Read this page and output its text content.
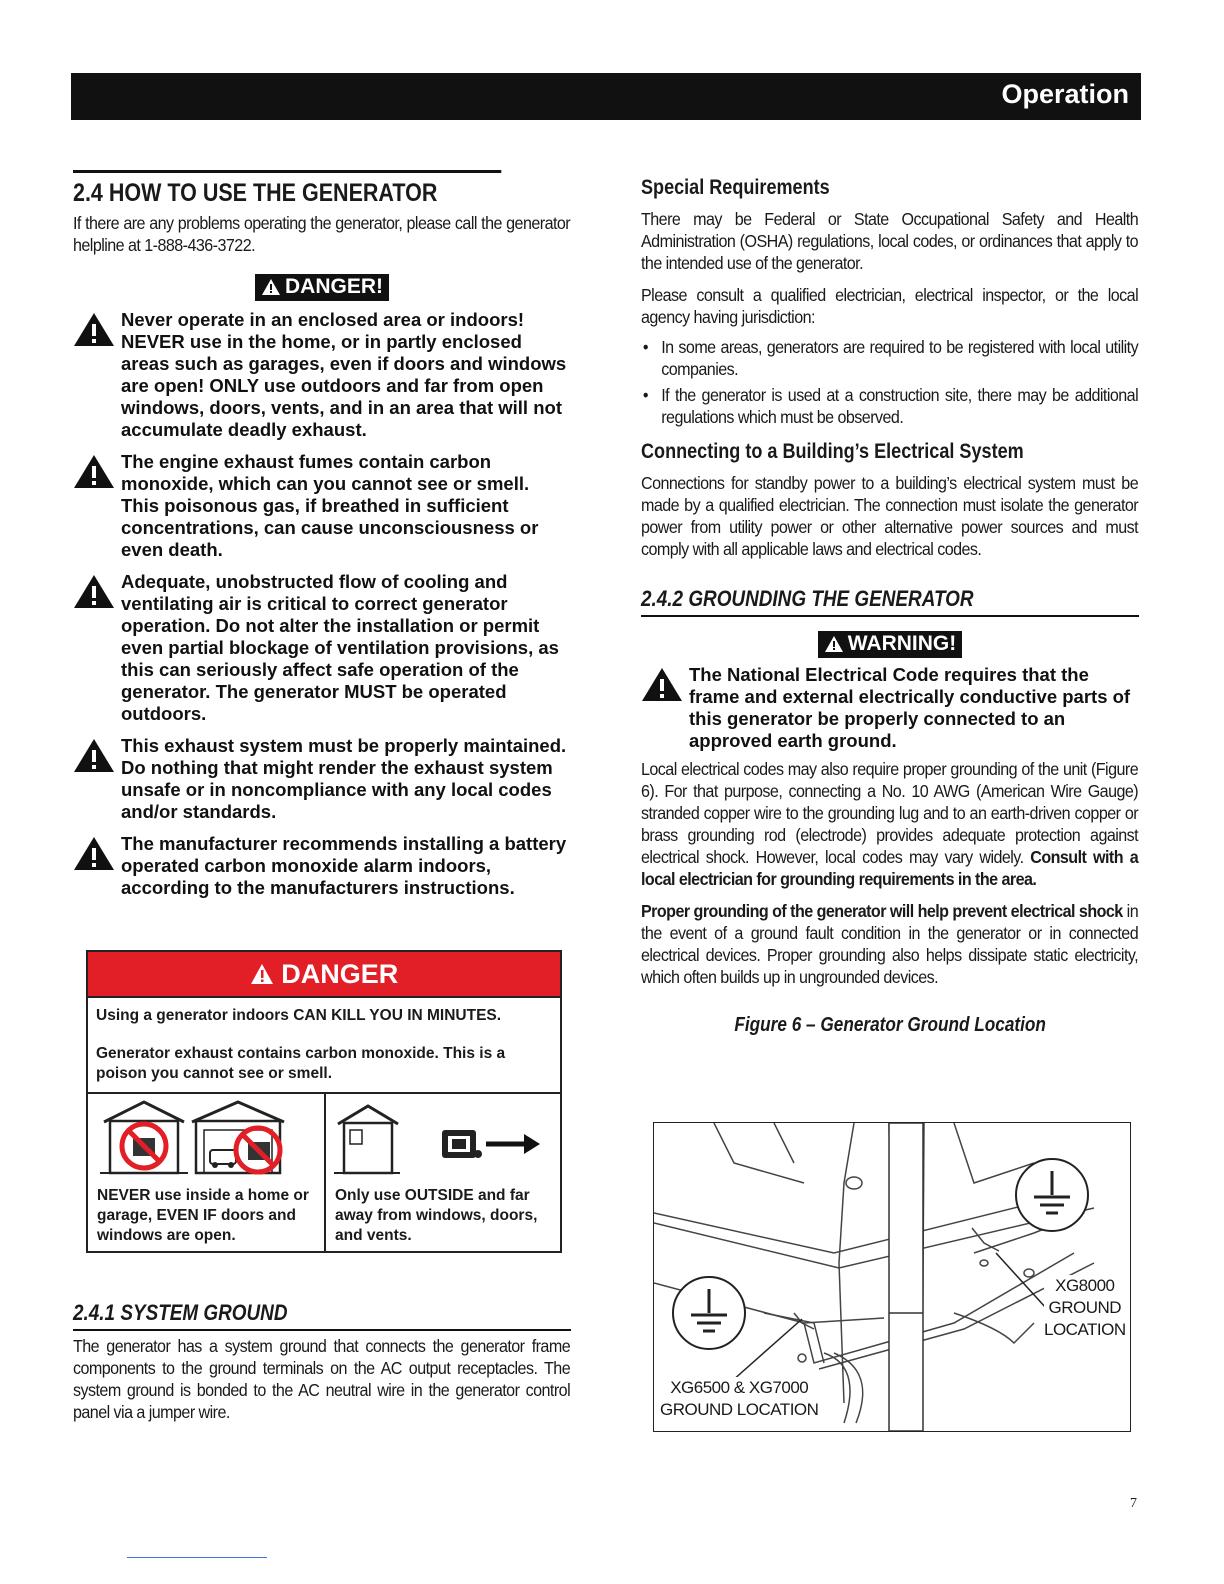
Operation
2.4 HOW TO USE THE GENERATOR

If there are any problems operating the generator, please call the generator helpline at 1-888-436-3722.

DANGER!
Never operate in an enclosed area or indoors! NEVER use in the home, or in partly enclosed areas such as garages, even if doors and windows are open! ONLY use outdoors and far from open windows, doors, vents, and in an area that will not accumulate deadly exhaust.
The engine exhaust fumes contain carbon monoxide, which can you cannot see or smell. This poisonous gas, if breathed in sufficient concentrations, can cause unconsciousness or even death.
Adequate, unobstructed flow of cooling and ventilating air is critical to correct generator operation. Do not alter the installation or permit even partial blockage of ventilation provisions, as this can seriously affect safe operation of the generator. The generator MUST be operated outdoors.
This exhaust system must be properly maintained. Do nothing that might render the exhaust system unsafe or in noncompliance with any local codes and/or standards.
The manufacturer recommends installing a battery operated carbon monoxide alarm indoors, according to the manufacturers instructions.
DANGER
Using a generator indoors CAN KILL YOU IN MINUTES.
Generator exhaust contains carbon monoxide. This is a poison you cannot see or smell.
NEVER use inside a home or garage, EVEN IF doors and windows are open.
Only use OUTSIDE and far away from windows, doors, and vents.
2.4.1 SYSTEM GROUND

The generator has a system ground that connects the generator frame components to the ground terminals on the AC output receptacles. The system ground is bonded to the AC neutral wire in the generator control panel via a jumper wire.

Special Requirements

There may be Federal or State Occupational Safety and Health Administration (OSHA) regulations, local codes, or ordinances that apply to the intended use of the generator.

Please consult a qualified electrician, electrical inspector, or the local agency having jurisdiction:

• In some areas, generators are required to be registered with local utility companies.
• If the generator is used at a construction site, there may be additional regulations which must be observed.
Connecting to a Building’s Electrical System

Connections for standby power to a building’s electrical system must be made by a qualified electrician. The connection must isolate the generator power from utility power or other alternative power sources and must comply with all applicable laws and electrical codes.

2.4.2 GROUNDING THE GENERATOR
WARNING!
The National Electrical Code requires that the frame and external electrically conductive parts of this generator be properly connected to an approved earth ground.

Local electrical codes may also require proper grounding of the unit (Figure 6). For that purpose, connecting a No. 10 AWG (American Wire Gauge) stranded copper wire to the grounding lug and to an earth-driven copper or brass grounding rod (electrode) provides adequate protection against electrical shock. However, local codes may vary widely. Consult with a local electrician for grounding requirements in the area.

Proper grounding of the generator will help prevent electrical shock in the event of a ground fault condition in the generator or in connected electrical devices. Proper grounding also helps dissipate static electricity, which often builds up in ungrounded devices.

Figure 6 – Generator Ground Location
XG8000
GROUND
LOCATION
XG6500 & XG7000
GROUND LOCATION
7
